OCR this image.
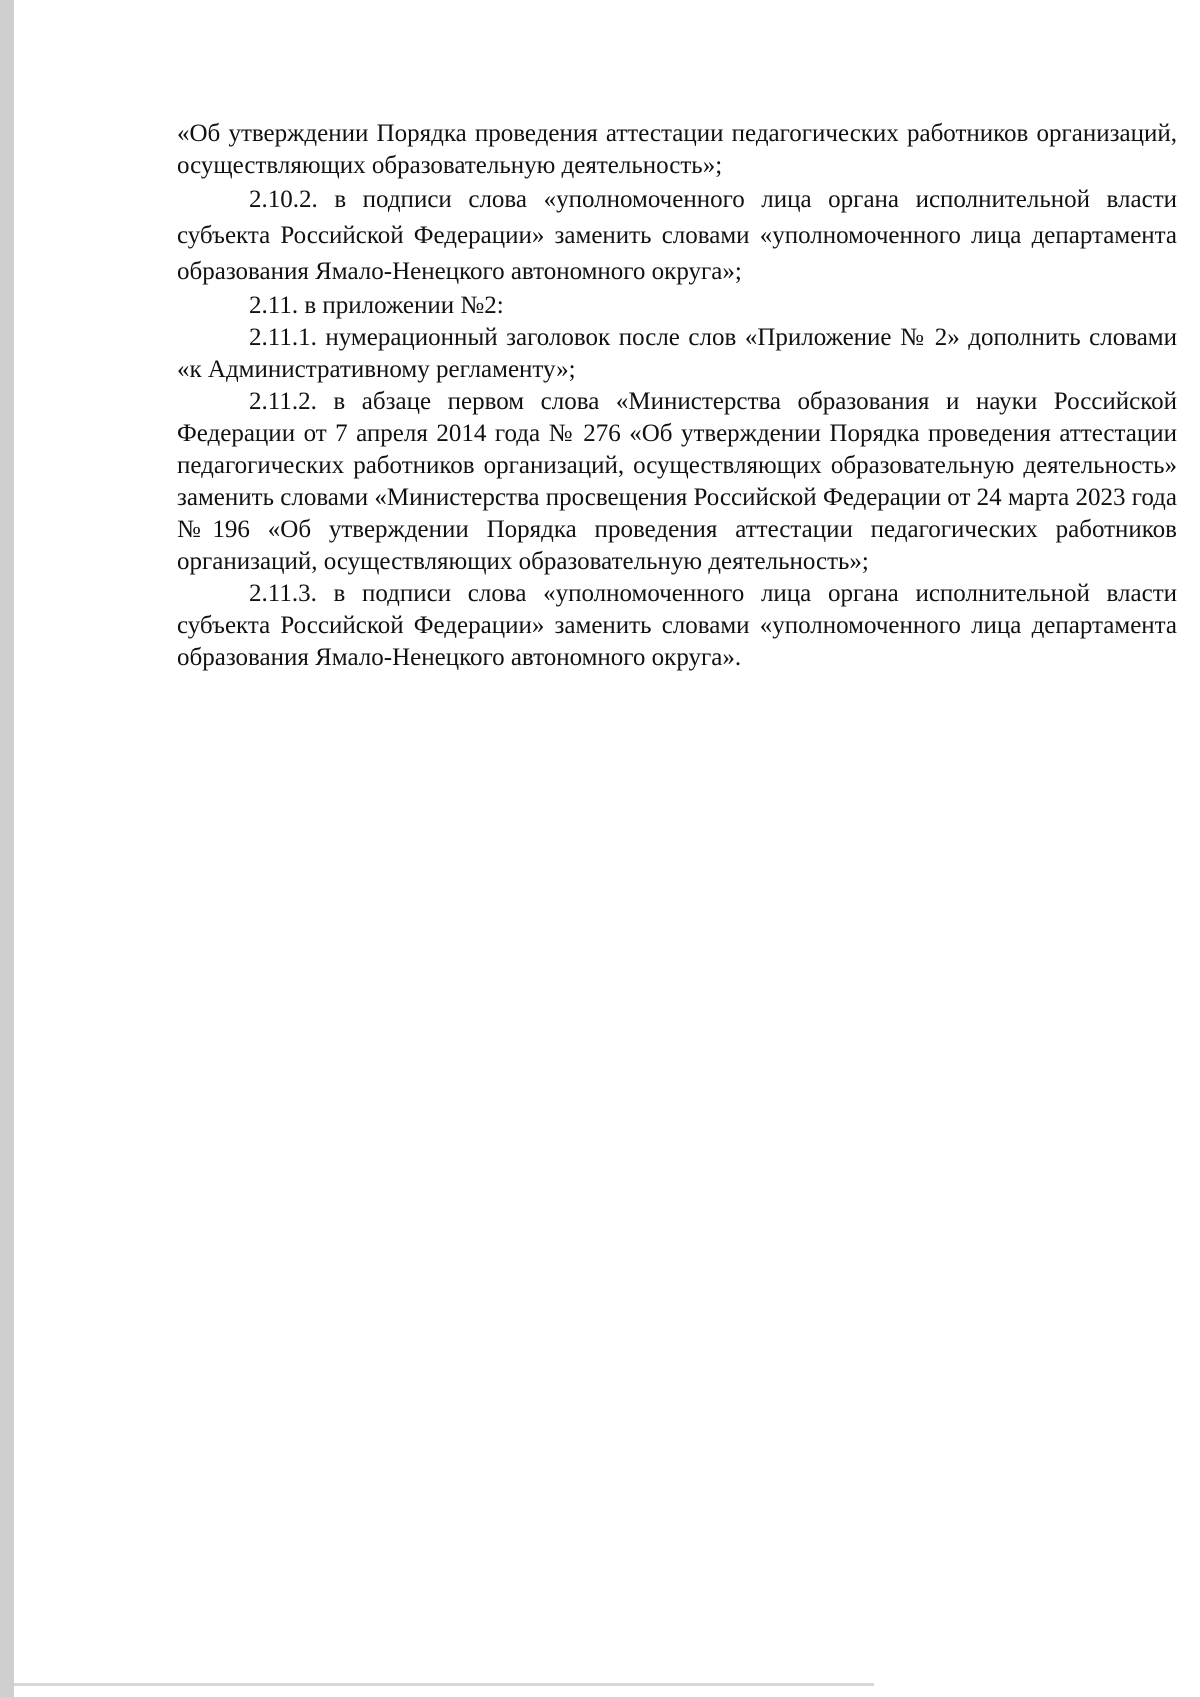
«Об утверждении Порядка проведения аттестации педагогических работников организаций, осуществляющих образовательную деятельность»;

2.10.2. в подписи слова «уполномоченного лица органа исполнительной власти субъекта Российской Федерации» заменить словами «уполномоченного лица департамента образования Ямало-Ненецкого автономного округа»;

2.11. в приложении №2:

2.11.1. нумерационный заголовок после слов «Приложение № 2» дополнить словами «к Административному регламенту»;

2.11.2. в абзаце первом слова «Министерства образования и науки Российской Федерации от 7 апреля 2014 года № 276 «Об утверждении Порядка проведения аттестации педагогических работников организаций, осуществляющих образовательную деятельность» заменить словами «Министерства просвещения Российской Федерации от 24 марта 2023 года №196 «Об утверждении Порядка проведения аттестации педагогических работников организаций, осуществляющих образовательную деятельность»;

2.11.3. в подписи слова «уполномоченного лица органа исполнительной власти субъекта Российской Федерации» заменить словами «уполномоченного лица департамента образования Ямало-Ненецкого автономного округа».
